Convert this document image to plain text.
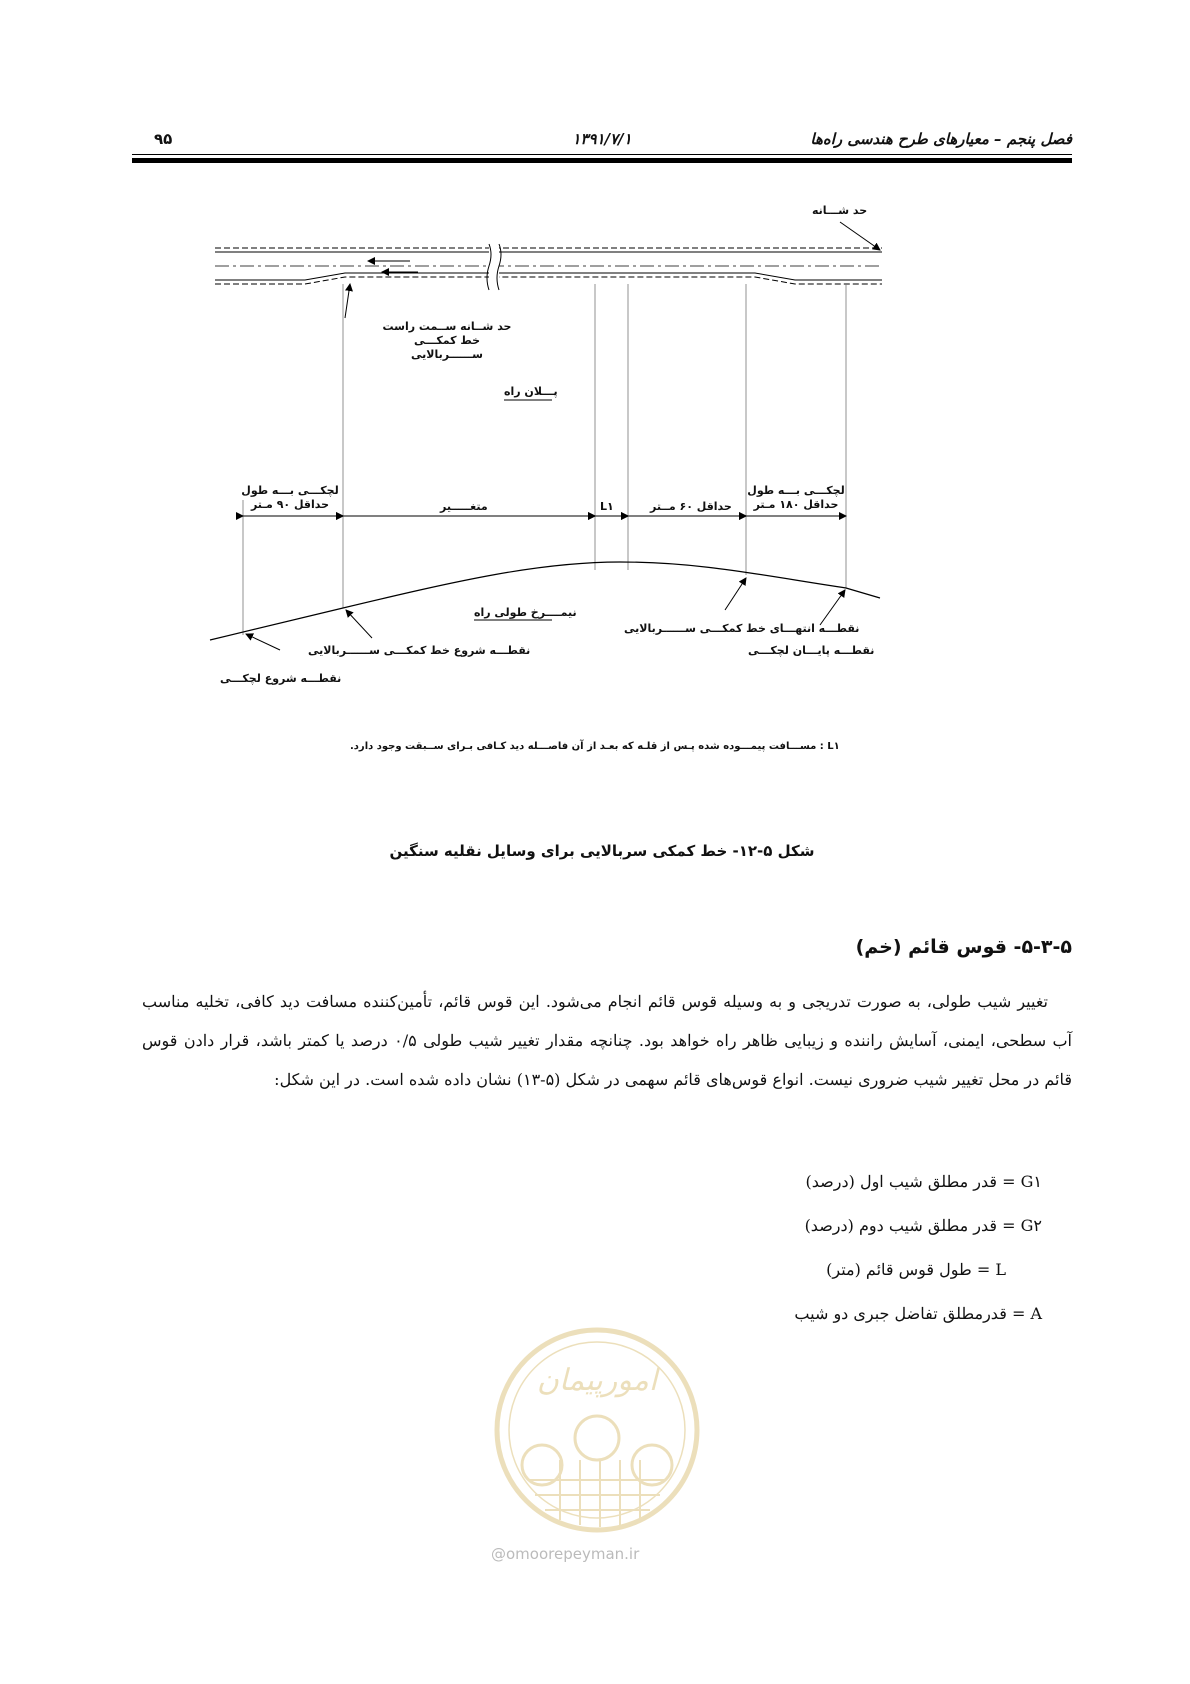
فصل پنجم – معیارهای طرح هندسی راه‌ها
۱۳۹۱/۷/۱
۹۵
حد شـــانه
حد شــانه ســمت راست
خط کمکـــی ســــــربالایی
پـــلان راه
لچکـــی بـــه طول
حداقل ۹۰ مـتر	متغـــــیر	L۱	حداقل ۶۰ مــتر
لچکـــی بـــه طول
حداقل ۱۸۰ مـتر
نیمــــرخ طولی راه
نقطـــه شروع خط کمکـــی ســــــربالایی
نقطـــه شروع لچکـــی
نقطـــه انتهـــای خط کمکـــی ســــــربالایی
نقطـــه پایـــان لچکـــی
L۱ : مســـافت پیمـــوده شده پـس از قلـه که بعـد از آن فاصـــله دید کـافی بـرای ســبقت وجود دارد.
شکل ۵-۱۲- خط کمکی سربالایی برای وسایل نقلیه سنگین
۵-۳-۵- قوس قائم (خم)

تغییر شیب طولی، به صورت تدریجی و به وسیله قوس قائم انجام می‌شود. این قوس قائم، تأمین‌کننده مسافت دید کافی، تخلیه مناسب آب سطحی، ایمنی، آسایش راننده و زیبایی ظاهر راه خواهد بود. چنانچه مقدار تغییر شیب طولی ۰/۵ درصد یا کمتر باشد، قرار دادن قوس قائم در محل تغییر شیب ضروری نیست. انواع قوس‌های قائم سهمی در شکل (۵-۱۳) نشان داده شده است. در این شکل:

G۱ = قدر مطلق شیب اول (درصد)
G۲ = قدر مطلق شیب دوم (درصد)
L = طول قوس قائم (متر)
A = قدرمطلق تفاضل جبری دو شیب
امورپیمان
@omoorepeyman.ir
